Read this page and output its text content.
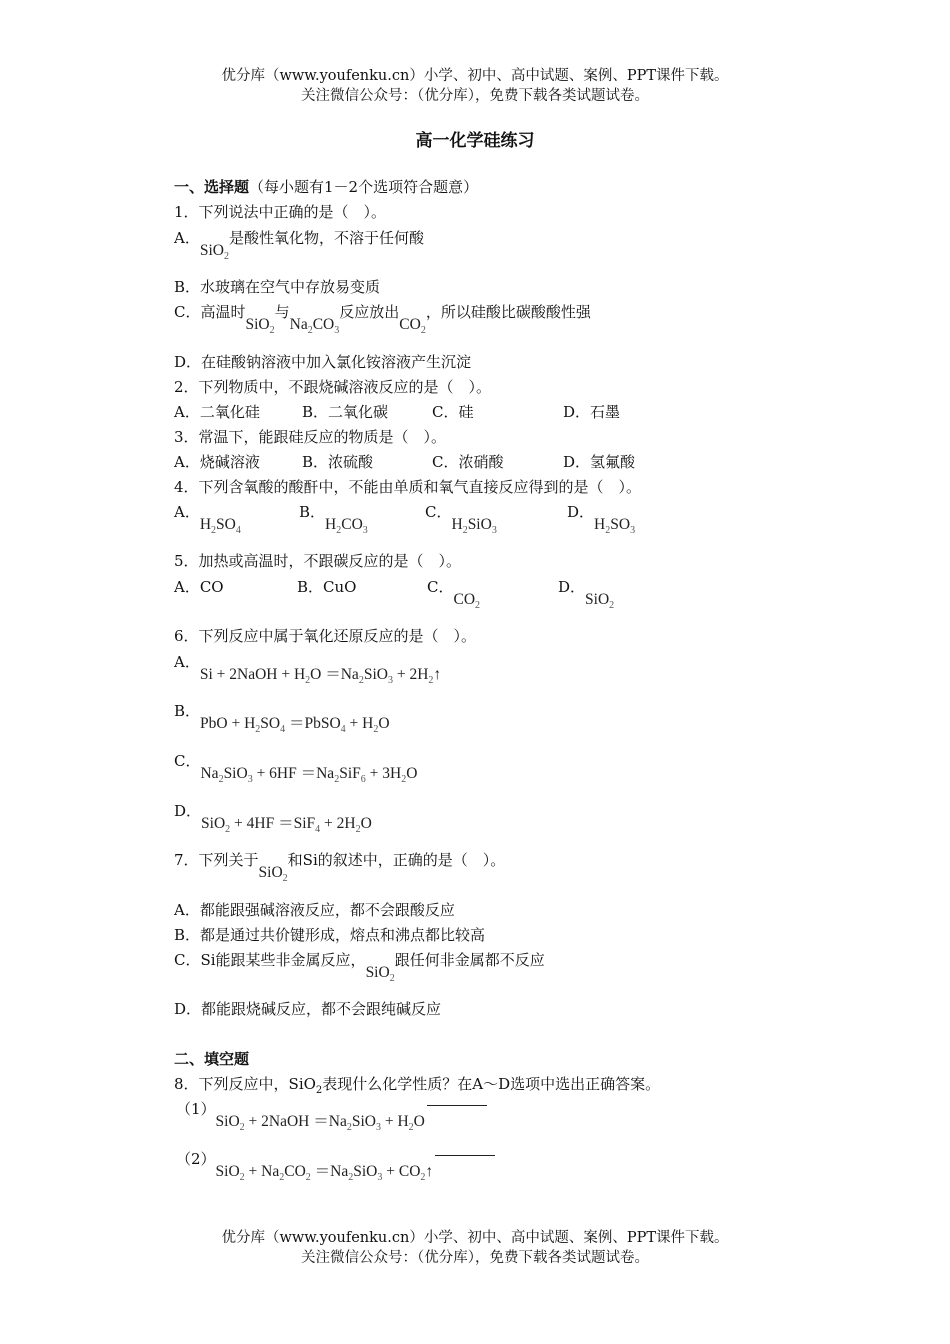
优分库（www.youfenku.cn）小学、初中、高中试题、案例、PPT课件下载。
关注微信公众号：（优分库），免费下载各类试题试卷。
高一化学硅练习
一、选择题（每小题有1－2个选项符合题意）
1．下列说法中正确的是（　）。
A．SiO$_2$是酸性氧化物，不溶于任何酸
B．水玻璃在空气中存放易变质
C．高温时SiO$_2$与$Na_2CO_3$反应放出$CO_2$，所以硅酸比碳酸酸性强
D．在硅酸钠溶液中加入氯化铵溶液产生沉淀
2．下列物质中，不跟烧碱溶液反应的是（　）。
A．二氧化硅	B．二氧化碳	C．硅	D．石墨
3．常温下，能跟硅反应的物质是（　）。
A．烧碱溶液	B．浓硫酸	C．浓硝酸	D．氢氟酸
4．下列含氧酸的酸酐中，不能由单质和氧气直接反应得到的是（　）。
A．$H_2SO_4$
B．$H_2CO_3$
C．$H_2SiO_3$
D．$H_2SO_3$
5．加热或高温时，不跟碳反应的是（　）。
A．CO	B．CuO	C．$CO_2$
D．SiO$_2$
6．下列反应中属于氧化还原反应的是（　）。
A．Si + 2NaOH + $H_2O =Na_2SiO_3$ + $2H_2↑$
B．PbO + $H_2SO_4$ ＝PbSO$_4$ + $H_2O$
C．$Na_2SiO_3 + 6HF =Na_2SiF_6 + 3H_2O$
D．$SiO_2 + 4HF =SiF_4 + 2H_2O$
7．下列关于SiO$_2$和Si的叙述中，正确的是（　）。
A．都能跟强碱溶液反应，都不会跟酸反应
B．都是通过共价键形成，熔点和沸点都比较高
C．Si能跟某些非金属反应，SiO$_2$跟任何非金属都不反应
D．都能跟烧碱反应，都不会跟纯碱反应
二、填空题
8．下列反应中，SiO$_2$表现什么化学性质？在A～D选项中选出正确答案。
（1）SiO$_2$ + 2NaOH $=Na_2SiO_3 + H_2O$
$(2)SiO_2 + Na_2CO_2 =Na_2SiO_3$ + $CO_2↑$
优分库（www.youfenku.cn）小学、初中、高中试题、案例、PPT课件下载。
关注微信公众号：（优分库），免费下载各类试题试卷。
